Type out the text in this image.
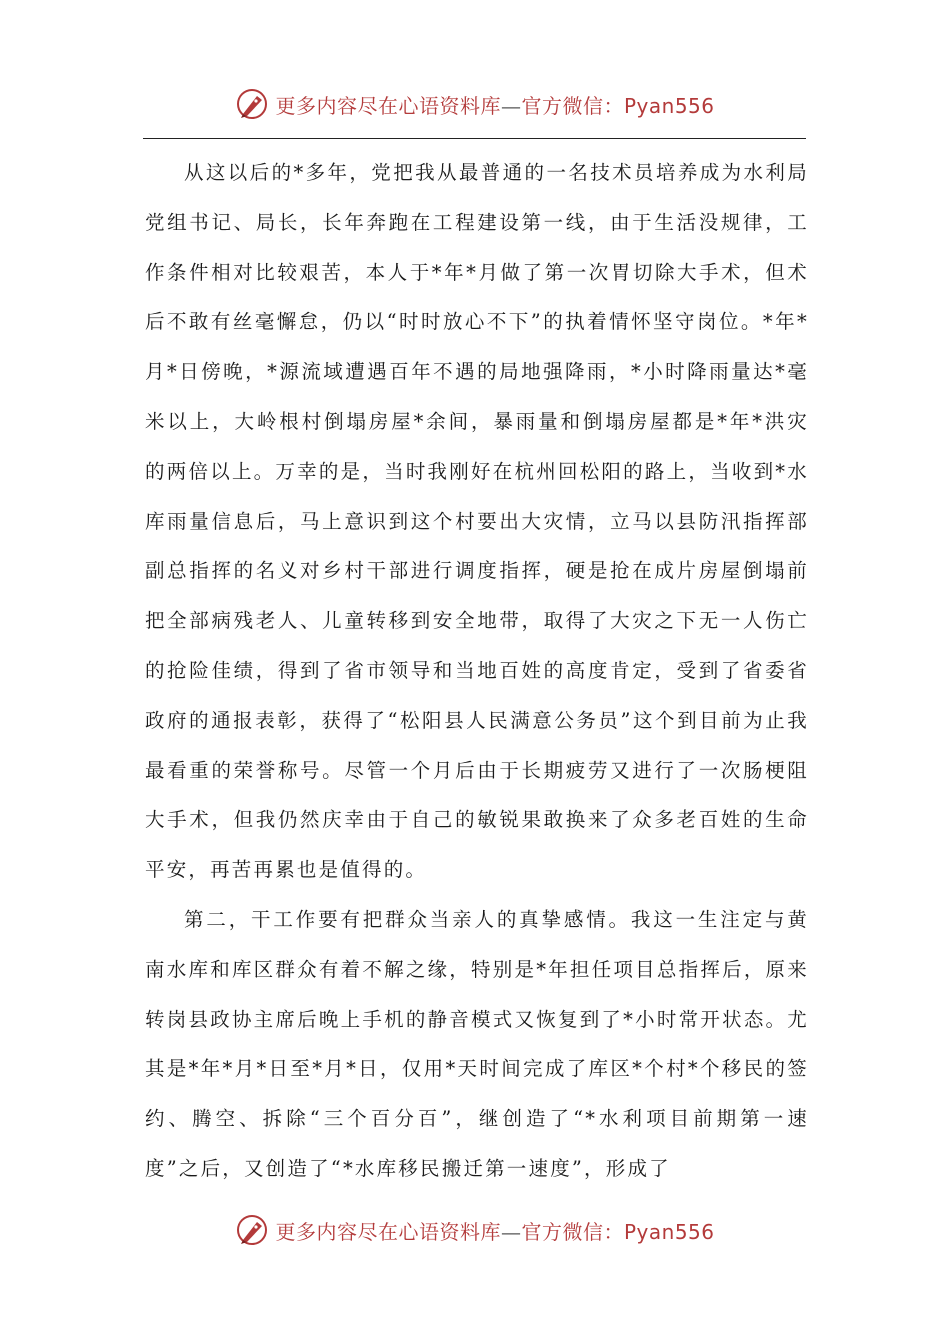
更多内容尽在心语资料库—官方微信：Pyan556

从这以后的*多年，党把我从最普通的一名技术员培养成为水利局党组书记、局长，长年奔跑在工程建设第一线，由于生活没规律，工作条件相对比较艰苦，本人于*年*月做了第一次胃切除大手术，但术后不敢有丝毫懈怠，仍以“时时放心不下”的执着情怀坚守岗位。*年*月*日傍晚，*源流域遭遇百年不遇的局地强降雨，*小时降雨量达*毫米以上，大岭根村倒塌房屋*余间，暴雨量和倒塌房屋都是*年*洪灾的两倍以上。万幸的是，当时我刚好在杭州回松阳的路上，当收到*水库雨量信息后，马上意识到这个村要出大灾情，立马以县防汛指挥部副总指挥的名义对乡村干部进行调度指挥，硬是抢在成片房屋倒塌前把全部病残老人、儿童转移到安全地带，取得了大灾之下无一人伤亡的抢险佳绩，得到了省市领导和当地百姓的高度肯定，受到了省委省政府的通报表彰，获得了“松阳县人民满意公务员”这个到目前为止我最看重的荣誉称号。尽管一个月后由于长期疲劳又进行了一次肠梗阻大手术，但我仍然庆幸由于自己的敏锐果敢换来了众多老百姓的生命平安，再苦再累也是值得的。

第二，干工作要有把群众当亲人的真挚感情。我这一生注定与黄南水库和库区群众有着不解之缘，特别是*年担任项目总指挥后，原来转岗县政协主席后晚上手机的静音模式又恢复到了*小时常开状态。尤其是*年*月*日至*月*日，仅用*天时间完成了库区*个村*个移民的签约、腾空、拆除“三个百分百”，继创造了“*水利项目前期第一速度”之后，又创造了“*水库移民搬迁第一速度”，形成了

更多内容尽在心语资料库—官方微信：Pyan556
